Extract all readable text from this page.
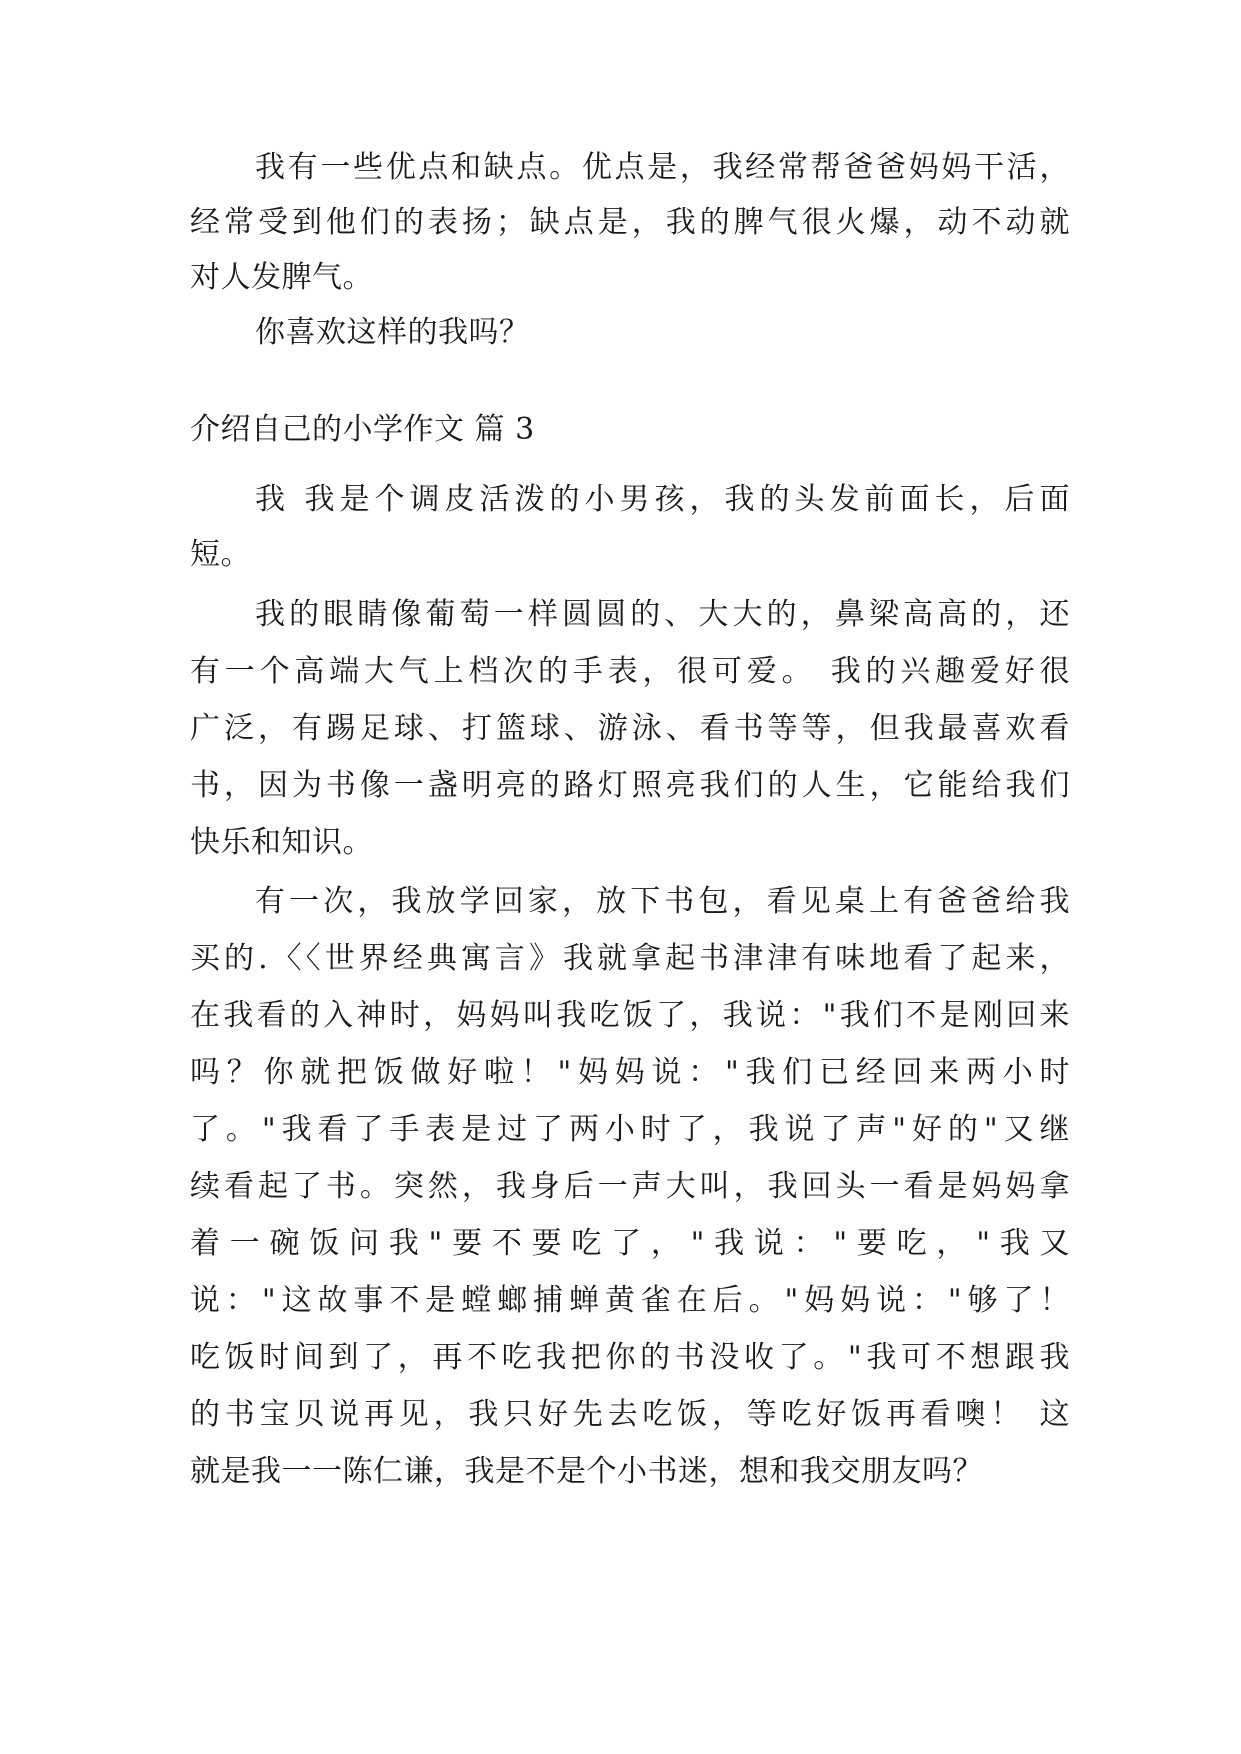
我有一些优点和缺点。优点是，我经常帮爸爸妈妈干活，
经常受到他们的表扬；缺点是，我的脾气很火爆，动不动就
对人发脾气。
你喜欢这样的我吗？
介绍自己的小学作文 篇 3
我 我是个调皮活泼的小男孩，我的头发前面长，后面
短。
我的眼睛像葡萄一样圆圆的、大大的，鼻梁高高的，还
有一个高端大气上档次的手表，很可爱。 我的兴趣爱好很
广泛，有踢足球、打篮球、游泳、看书等等，但我最喜欢看
书，因为书像一盏明亮的路灯照亮我们的人生，它能给我们
快乐和知识。
有一次，我放学回家，放下书包，看见桌上有爸爸给我
买的.〈〈世界经典寓言》我就拿起书津津有味地看了起来，
在我看的入神时，妈妈叫我吃饭了，我说："我们不是刚回来
吗？你就把饭做好啦！"妈妈说："我们已经回来两小时
了。"我看了手表是过了两小时了，我说了声"好的"又继
续看起了书。突然，我身后一声大叫，我回头一看是妈妈拿
着一碗饭问我"要不要吃了，"我说："要吃，"我又
说："这故事不是螳螂捕蝉黄雀在后。"妈妈说："够了！
吃饭时间到了，再不吃我把你的书没收了。"我可不想跟我
的书宝贝说再见，我只好先去吃饭，等吃好饭再看噢！ 这
就是我一一陈仁谦，我是不是个小书迷，想和我交朋友吗？
